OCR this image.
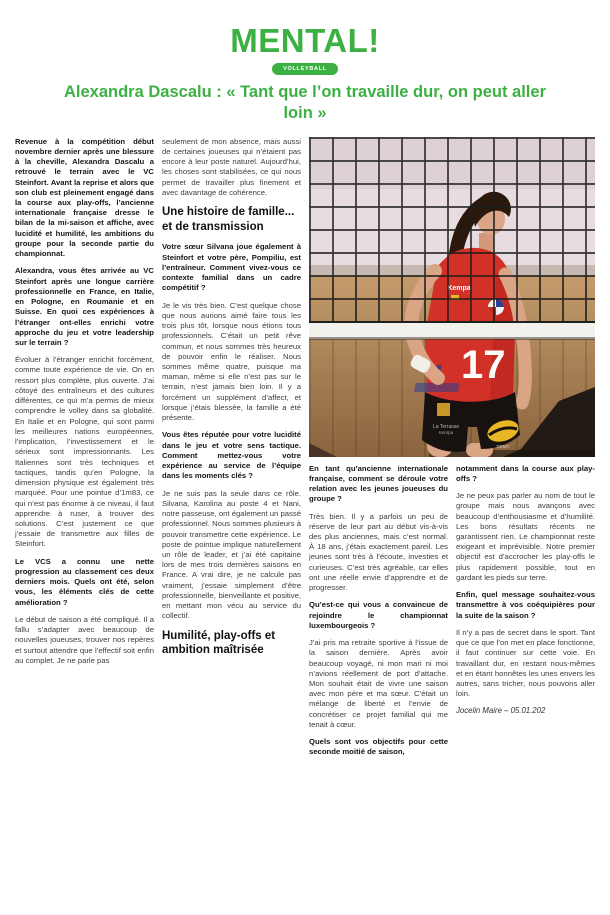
MENTAL!
VOLLEYBALL
Alexandra Dascalu : « Tant que l’on travaille dur, on peut aller loin »

Revenue à la compétition début novembre dernier après une blessure à la cheville, Alexandra Dascalu a retrouvé le terrain avec le VC Steinfort. Avant la reprise et alors que son club est pleinement engagé dans la course aux play-offs, l’ancienne internationale française dresse le bilan de la mi-saison et affiche, avec lucidité et humilité, les ambitions du groupe pour la seconde partie du championnat.

Alexandra, vous êtes arrivée au VC Steinfort après une longue carrière professionnelle en France, en Italie, en Pologne, en Roumanie et en Suisse. En quoi ces expériences à l’étranger ont-elles enrichi votre approche du jeu et votre leadership sur le terrain ?

Évoluer à l’étranger enrichit forcément, comme toute expérience de vie. On en ressort plus complète, plus ouverte. J’ai côtoyé des entraîneurs et des cultures différentes, ce qui m’a permis de mieux comprendre le volley dans sa globalité. En Italie et en Pologne, qui sont parmi les meilleures nations européennes, l’implication, l’investissement et le sérieux sont impressionnants. Les Italiennes sont très techniques et tactiques, tandis qu’en Pologne, la dimension physique est également très marquée. Pour une pointue d’1m83, ce qui n’est pas énorme à ce niveau, il faut apprendre à ruser, à trouver des solutions. C’est justement ce que j’essaie de transmettre aux filles de Steinfort.

Le VCS a connu une nette progression au classement ces deux derniers mois. Quels ont été, selon vous, les éléments clés de cette amélioration ?

Le début de saison a été compliqué. Il a fallu s’adapter avec beaucoup de nouvelles joueuses, trouver nos repères et surtout attendre que l’effectif soit enfin au complet. Je ne parle pas

seulement de mon absence, mais aussi de certaines joueuses qui n’étaient pas encore à leur poste naturel. Aujourd’hui, les choses sont stabilisées, ce qui nous permet de travailler plus finement et avec davantage de cohérence.

Une histoire de famille... et de transmission

Votre sœur Silvana joue également à Steinfort et votre père, Pompiliu, est l’entraîneur. Comment vivez-vous ce contexte familial dans un cadre compétitif ?

Je le vis très bien. C’est quelque chose que nous aurions aimé faire tous les trois plus tôt, lorsque nous étions tous professionnels. C’était un petit rêve commun, et nous sommes très heureux de pouvoir enfin le réaliser. Nous sommes même quatre, puisque ma maman, même si elle n’est pas sur le terrain, n’est jamais bien loin. Il y a forcément un supplément d’affect, et lorsque j’étais blessée, la famille a été présente.

Vous êtes réputée pour votre lucidité dans le jeu et votre sens tactique. Comment mettez-vous votre expérience au service de l’équipe dans les moments clés ?

Je ne suis pas la seule dans ce rôle. Silvana, Karolina au poste 4 et Nani, notre passeuse, ont également un passé professionnel. Nous sommes plusieurs à pouvoir transmettre cette expérience. Le poste de pointue implique naturellement un rôle de leader, et j’ai été capitaine lors de mes trois dernières saisons en France. A vrai dire, je ne calcule pas vraiment, j’essaie simplement d’être professionnelle, bienveillante et positive, en mettant mon vécu au service du collectif.

Humilité, play-offs et ambition maîtrisée
17
La Terrasse
Kempa
DEMY

En tant qu’ancienne internationale française, comment se déroule votre relation avec les jeunes joueuses du groupe ?

Très bien. Il y a parfois un peu de réserve de leur part au début vis-à-vis des plus anciennes, mais c’est normal. À 18 ans, j’étais exactement pareil. Les jeunes sont très à l’écoute, investies et curieuses. C’est très agréable, car elles ont une réelle envie d’apprendre et de progresser.

Qu’est-ce qui vous a convaincue de rejoindre le championnat luxembourgeois ?

J’ai pris ma retraite sportive à l’issue de la saison dernière. Après avoir beaucoup voyagé, ni mon mari ni moi n’avions réellement de port d’attache. Mon souhait était de vivre une saison avec mon père et ma sœur. C’était un mélange de liberté et l’envie de concrétiser ce projet familial qui me tenait à cœur.

Quels sont vos objectifs pour cette seconde moitié de saison,

notamment dans la course aux play-offs ?

Je ne peux pas parler au nom de tout le groupe mais nous avançons avec beaucoup d’enthousiasme et d’humilité. Les bons résultats récents ne garantissent rien. Le championnat reste exigeant et imprévisible. Notre premier objectif est d’accrocher les play-offs le plus rapidement possible, tout en gardant les pieds sur terre.

Enfin, quel message souhaitez-vous transmettre à vos coéquipières pour la suite de la saison ?

Il n’y a pas de secret dans le sport. Tant que ce que l’on met en place fonctionne, il faut continuer sur cette voie. En travaillant dur, en restant nous-mêmes et en étant honnêtes les unes envers les autres, sans tricher, nous pouvons aller loin.

Jocelin Maire – 05.01.202
